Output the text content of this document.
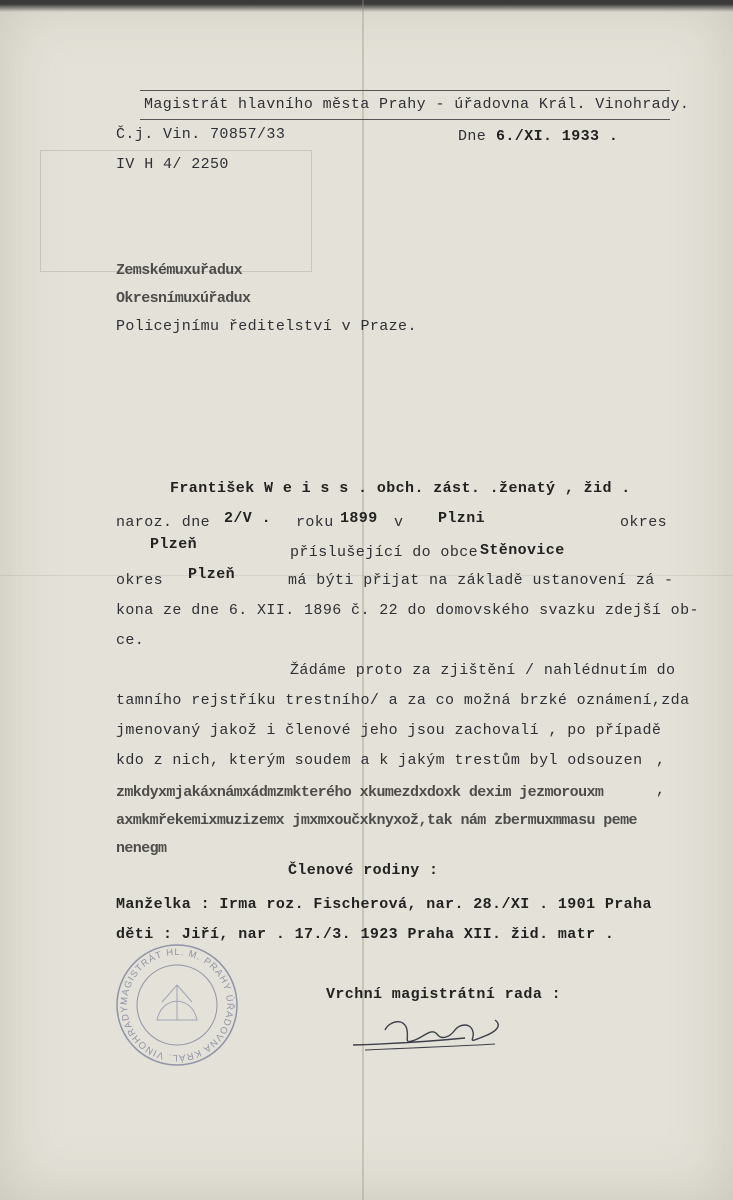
Magistrát hlavního města Prahy - úřadovna Král. Vinohrady.
Č.j. Vin. 70857/33	Dne 6./XI. 1933 .
IV H 4/ 2250
Zemskémuxuřadux
Okresnímuxúřadux
Policejnímu ředitelství v Praze.
František W e i s s . obch. zást. .ženatý , žid .
naroz. dne 2/V . roku 1899 v Plzni	okres
Plzeň	příslušející do obce Stěnovice
okres Plzeň	má býti přijat na základě ustanovení zá -
kona ze dne 6. XII. 1896 č. 22 do domovského svazku zdejší ob-
ce.
Žádáme proto za zjištění / nahlédnutím do
tamního rejstříku trestního/ a za co možná brzké oznámení,zda
jmenovaný jakož i členové jeho jsou zachovalí , po případě
kdo z nich, kterým soudem a k jakým trestům byl odsouzen ,
zmkdyxmjakáxnámxádmzmkterého xkumezdxdoxk dexim jezmorouxm	,
axmkmřekemixmuzizemx jmxmxoučxknyxož,tak nám zbermuxmmasu peme
nenegm
Členové rodiny :
Manželka : Irma roz. Fischerová, nar. 28./XI . 1901 Praha
děti : Jiří, nar . 17./3. 1923 Praha XII. žid. matr .
Vrchní magistrátní rada :
MAGISTRÁT HL. M. PRAHY ÚŘADOVNA KRÁL. VINOHRADY
